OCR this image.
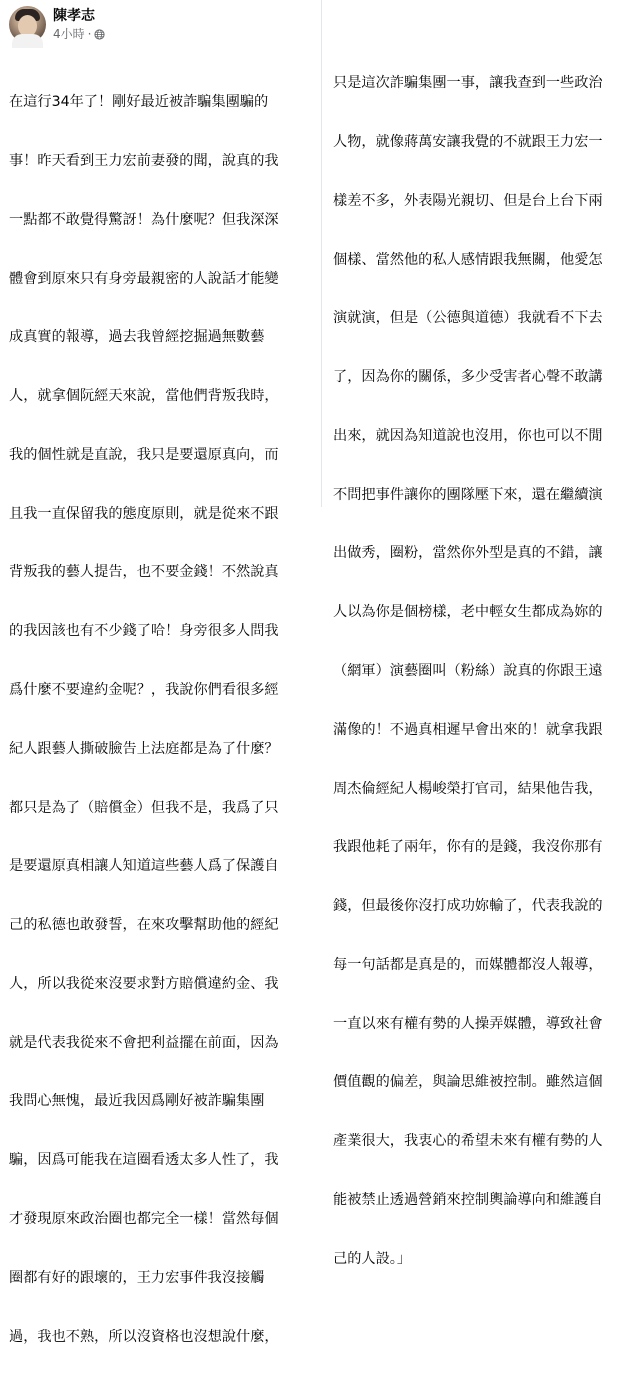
陳孝志
4小時 ·

在這行34年了！剛好最近被詐騙集團騙的

事！昨天看到王力宏前妻發的聞，說真的我

一點都不敢覺得驚訝！為什麼呢？但我深深

體會到原來只有身旁最親密的人說話才能變

成真實的報導，過去我曾經挖掘過無數藝

人，就拿個阮經天來說，當他們背叛我時，

我的個性就是直說，我只是要還原真向，而

且我一直保留我的態度原則，就是從來不跟

背叛我的藝人提告，也不要金錢！不然說真

的我因該也有不少錢了哈！身旁很多人問我

爲什麼不要違約金呢？，我說你們看很多經

紀人跟藝人撕破臉告上法庭都是為了什麼？

都只是為了（賠償金）但我不是，我爲了只

是要還原真相讓人知道這些藝人爲了保護自

己的私德也敢發誓，在來攻擊幫助他的經紀

人，所以我從來沒要求對方賠償違約金、我

就是代表我從來不會把利益擺在前面，因為

我問心無愧，最近我因爲剛好被詐騙集團

騙，因爲可能我在這圈看透太多人性了，我

才發現原來政治圈也都完全一樣！當然每個

圈都有好的跟壞的，王力宏事件我沒接觸

過，我也不熟，所以沒資格也沒想說什麼，

只是這次詐騙集團一事，讓我查到一些政治

人物，就像蔣萬安讓我覺的不就跟王力宏一

樣差不多，外表陽光親切、但是台上台下兩

個樣、當然他的私人感情跟我無關，他愛怎

演就演，但是（公德與道德）我就看不下去

了，因為你的關係，多少受害者心聲不敢講

出來，就因為知道說也沒用，你也可以不閒

不問把事件讓你的團隊壓下來，還在繼續演

出做秀，圈粉，當然你外型是真的不錯，讓

人以為你是個榜樣，老中輕女生都成為妳的

（網軍）演藝圈叫（粉絲）說真的你跟王遠

滿像的！不過真相遲早會出來的！就拿我跟

周杰倫經紀人楊峻榮打官司，結果他告我，

我跟他耗了兩年，你有的是錢，我沒你那有

錢，但最後你沒打成功妳輸了，代表我說的

每一句話都是真是的，而媒體都沒人報導，

一直以來有權有勢的人操弄媒體，導致社會

價值觀的偏差，與論思維被控制。雖然這個

產業很大，我衷心的希望未來有權有勢的人

能被禁止透過營銷來控制輿論導向和維護自

己的人設。」
